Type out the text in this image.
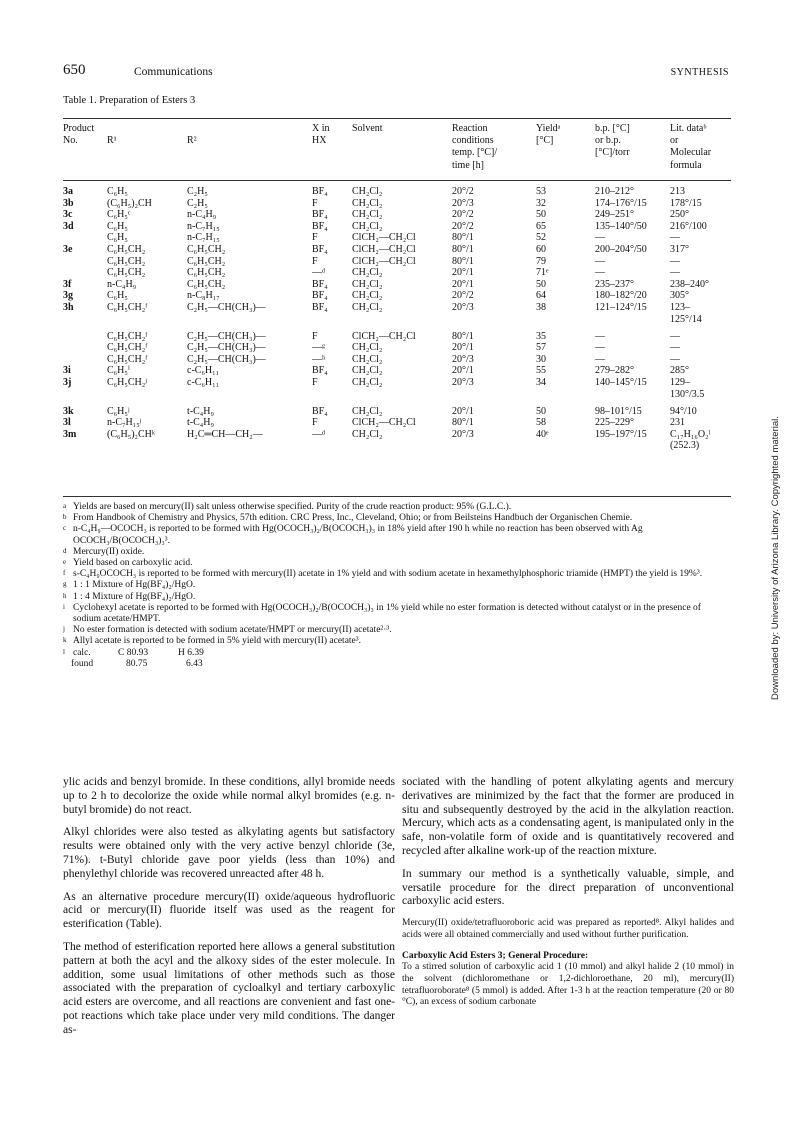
650	Communications	SYNTHESIS
Table 1. Preparation of Esters 3
Product			X in	Solvent	Reaction	Yieldᵃ	b.p. [°C]	Lit. dataᵇ
No.	R¹	R²	HX		conditions	[°C]	or b.p.	or
					temp. [°C]/		[°C]/torr	Molecular
					time [h]			formula
3a	C₆H₅	C₂H₅	BF₄	CH₂Cl₂	20°/2	53	210–212°	213
3b	(C₆H₅)₂CH	C₂H₅	F	CH₂Cl₂	20°/3	32	174–176°/15	178°/15
3c	C₆H₅ᶜ	n-C₄H₉	BF₄	CH₂Cl₂	20°/2	50	249–251°	250°
3d	C₆H₅	n-C₇H₁₅	BF₄	CH₂Cl₂	20°/2	65	135–140°/50	216°/100
	C₆H₅	n-C₇H₁₅	F	ClCH₂—CH₂Cl	80°/1	52	—	—
3e	C₆H₅CH₂	C₆H₅CH₂	BF₄	ClCH₂—CH₂Cl	80°/1	60	200–204°/50	317°
	C₆H₅CH₂	C₆H₅CH₂	F	ClCH₂—CH₂Cl	80°/1	79	—	—
	C₆H₅CH₂	C₆H₅CH₂	—ᵈ	CH₂Cl₂	20°/1	71ᵉ	—	—
3f	n-C₄H₉	C₆H₅CH₂	BF₄	CH₂Cl₂	20°/1	50	235–237°	238–240°
3g	C₆H₅	n-C₈H₁₇	BF₄	CH₂Cl₂	20°/2	64	180–182°/20	305°
3h	C₆H₅CH₂ᶠ	C₂H₅—CH(CH₃)—	BF₄	CH₂Cl₂	20°/3	38	121–124°/15	123–
								125°/14
	C₆H₅CH₂ᶠ	C₂H₅—CH(CH₃)—	F	ClCH₂—CH₂Cl	80°/1	35	—	—
	C₆H₅CH₂ᶠ	C₂H₅—CH(CH₃)—	—ᵍ	CH₂Cl₂	20°/1	57	—	—
	C₆H₅CH₂ᶠ	C₂H₅—CH(CH₃)—	—ʰ	CH₂Cl₂	20°/3	30	—	—
3i	C₆H₅ⁱ	c-C₆H₁₁	BF₄	CH₂Cl₂	20°/1	55	279–282°	285°
3j	C₆H₅CH₂ʲ	c-C₆H₁₁	F	CH₂Cl₂	20°/3	34	140–145°/15	129–
								130°/3.5
3k	C₆H₅ʲ	t-C₄H₉	BF₄	CH₂Cl₂	20°/1	50	98–101°/15	94°/10
3l	n-C₇H₁₅ʲ	t-C₄H₉	F	ClCH₂—CH₂Cl	80°/1	58	225–229°	231
3m	(C₆H₅)₂CHᵏ	H₂C═CH—CH₂—	—ᵈ	CH₂Cl₂	20°/3	40ᵉ	195–197°/15	C₁₇H₁₆O₂ˡ
								(252.3)
a Yields are based on mercury(II) salt unless otherwise specified. Purity of the crude reaction product: 95% (G.L.C.).
b From Handbook of Chemistry and Physics, 57th edition. CRC Press, Inc., Cleveland, Ohio; or from Beilsteins Handbuch der Organischen Chemie.
c n-C₄H₉—OCOCH₃ is reported to be formed with Hg(OCOCH₃)₂/B(OCOCH₃)₃ in 18% yield after 190 h while no reaction has been observed with Ag OCOCH₃/B(OCOCH₃)₃³.
d Mercury(II) oxide.
e Yield based on carboxylic acid.
f s-C₄H₉OCOCH₃ is reported to be formed with mercury(II) acetate in 1% yield and with sodium acetate in hexamethylphosphoric triamide (HMPT) the yield is 19%³.
g 1 : 1 Mixture of Hg(BF₄)₂/HgO.
h 1 : 4 Mixture of Hg(BF₄)₂/HgO.
i Cyclohexyl acetate is reported to be formed with Hg(OCOCH₃)₂/B(OCOCH₃)₃ in 1% yield while no ester formation is detected without catalyst or in the presence of sodium acetate/HMPT.
j No ester formation is detected with sodium acetate/HMPT or mercury(II) acetate²·³.
k Allyl acetate is reported to be formed in 5% yield with mercury(II) acetate³.
l calc.	C 80.93	H 6.39
found	80.75	6.43

ylic acids and benzyl bromide. In these conditions, allyl bromide needs up to 2 h to decolorize the oxide while normal alkyl bromides (e.g. n-butyl bromide) do not react.

Alkyl chlorides were also tested as alkylating agents but satisfactory results were obtained only with the very active benzyl chloride (3e, 71%). t-Butyl chloride gave poor yields (less than 10%) and phenylethyl chloride was recovered unreacted after 48 h.

As an alternative procedure mercury(II) oxide/aqueous hydrofluoric acid or mercury(II) fluoride itself was used as the reagent for esterification (Table).

The method of esterification reported here allows a general substitution pattern at both the acyl and the alkoxy sides of the ester molecule. In addition, some usual limitations of other methods such as those associated with the preparation of cycloalkyl and tertiary carboxylic acid esters are overcome, and all reactions are convenient and fast one-pot reactions which take place under very mild conditions. The danger as-

sociated with the handling of potent alkylating agents and mercury derivatives are minimized by the fact that the former are produced in situ and subsequently destroyed by the acid in the alkylation reaction. Mercury, which acts as a condensating agent, is manipulated only in the safe, non-volatile form of oxide and is quantitatively recovered and recycled after alkaline work-up of the reaction mixture.

In summary our method is a synthetically valuable, simple, and versatile procedure for the direct preparation of unconventional carboxylic acid esters.

Mercury(II) oxide/tetrafluoroboric acid was prepared as reported⁸. Alkyl halides and acids were all obtained commercially and used without further purification.

Carboxylic Acid Esters 3; General Procedure:

To a stirred solution of carboxylic acid 1 (10 mmol) and alkyl halide 2 (10 mmol) in the solvent (dichloromethane or 1,2-dichloroethane, 20 ml), mercury(II) tetrafluoroborate⁸ (5 mmol) is added. After 1-3 h at the reaction temperature (20 or 80 °C), an excess of sodium carbonate

Downloaded by: University of Arizona Library. Copyrighted material.
